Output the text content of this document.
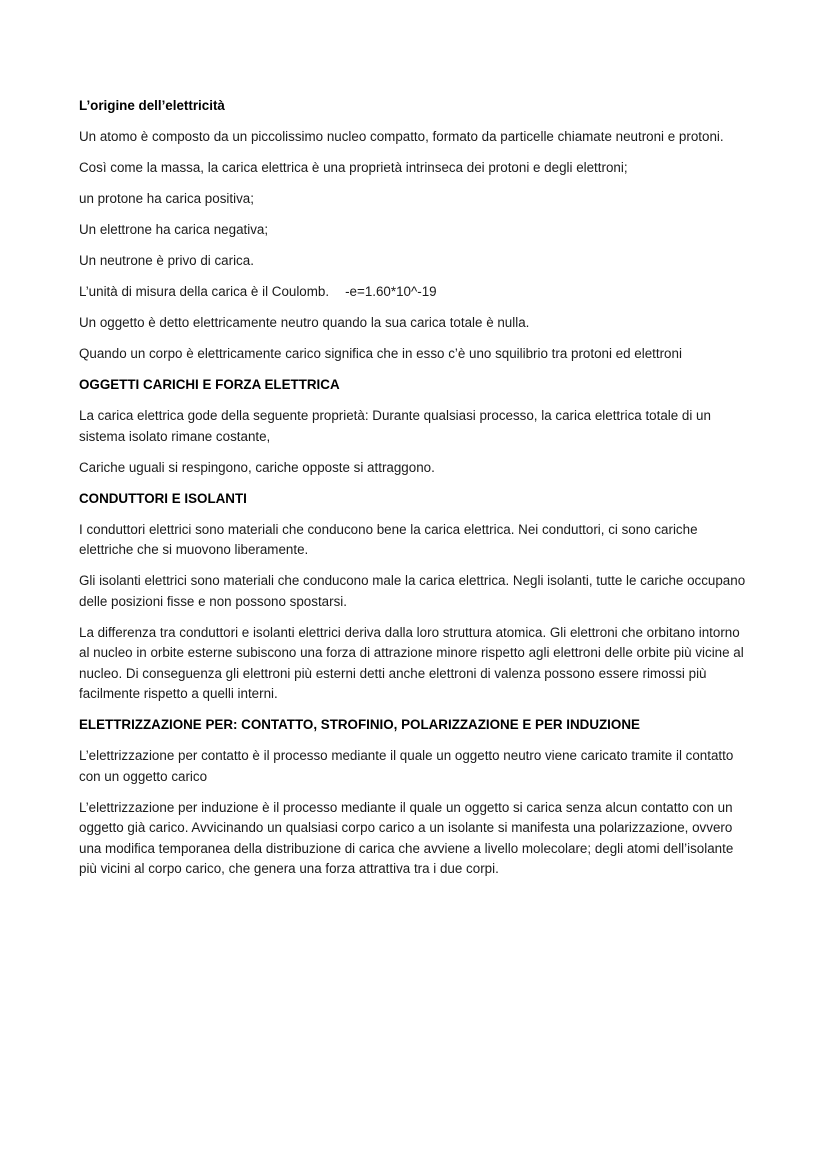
L’origine dell’elettricità

Un atomo è composto da un piccolissimo nucleo compatto, formato da particelle chiamate neutroni e protoni.

Così come la massa, la carica elettrica è una proprietà intrinseca dei protoni e degli elettroni;

un protone ha carica positiva;

Un elettrone ha carica negativa;

Un neutrone è privo di carica.

L’unità di misura della carica è il Coulomb. -e=1.60*10^-19

Un oggetto è detto elettricamente neutro quando la sua carica totale è nulla.

Quando un corpo è elettricamente carico significa che in esso c’è uno squilibrio tra protoni ed elettroni

OGGETTI CARICHI E FORZA ELETTRICA

La carica elettrica gode della seguente proprietà: Durante qualsiasi processo, la carica elettrica totale di un sistema isolato rimane costante,

Cariche uguali si respingono, cariche opposte si attraggono.

CONDUTTORI E ISOLANTI

I conduttori elettrici sono materiali che conducono bene la carica elettrica. Nei conduttori, ci sono cariche elettriche che si muovono liberamente.

Gli isolanti elettrici sono materiali che conducono male la carica elettrica. Negli isolanti, tutte le cariche occupano delle posizioni fisse e non possono spostarsi.

La differenza tra conduttori e isolanti elettrici deriva dalla loro struttura atomica. Gli elettroni che orbitano intorno al nucleo in orbite esterne subiscono una forza di attrazione minore rispetto agli elettroni delle orbite più vicine al nucleo. Di conseguenza gli elettroni più esterni detti anche elettroni di valenza possono essere rimossi più facilmente rispetto a quelli interni.

ELETTRIZZAZIONE PER: CONTATTO, STROFINIO, POLARIZZAZIONE E PER INDUZIONE

L’elettrizzazione per contatto è il processo mediante il quale un oggetto neutro viene caricato tramite il contatto con un oggetto carico

L’elettrizzazione per induzione è il processo mediante il quale un oggetto si carica senza alcun contatto con un oggetto già carico. Avvicinando un qualsiasi corpo carico a un isolante si manifesta una polarizzazione, ovvero una modifica temporanea della distribuzione di carica che avviene a livello molecolare; degli atomi dell’isolante più vicini al corpo carico, che genera una forza attrattiva tra i due corpi.
